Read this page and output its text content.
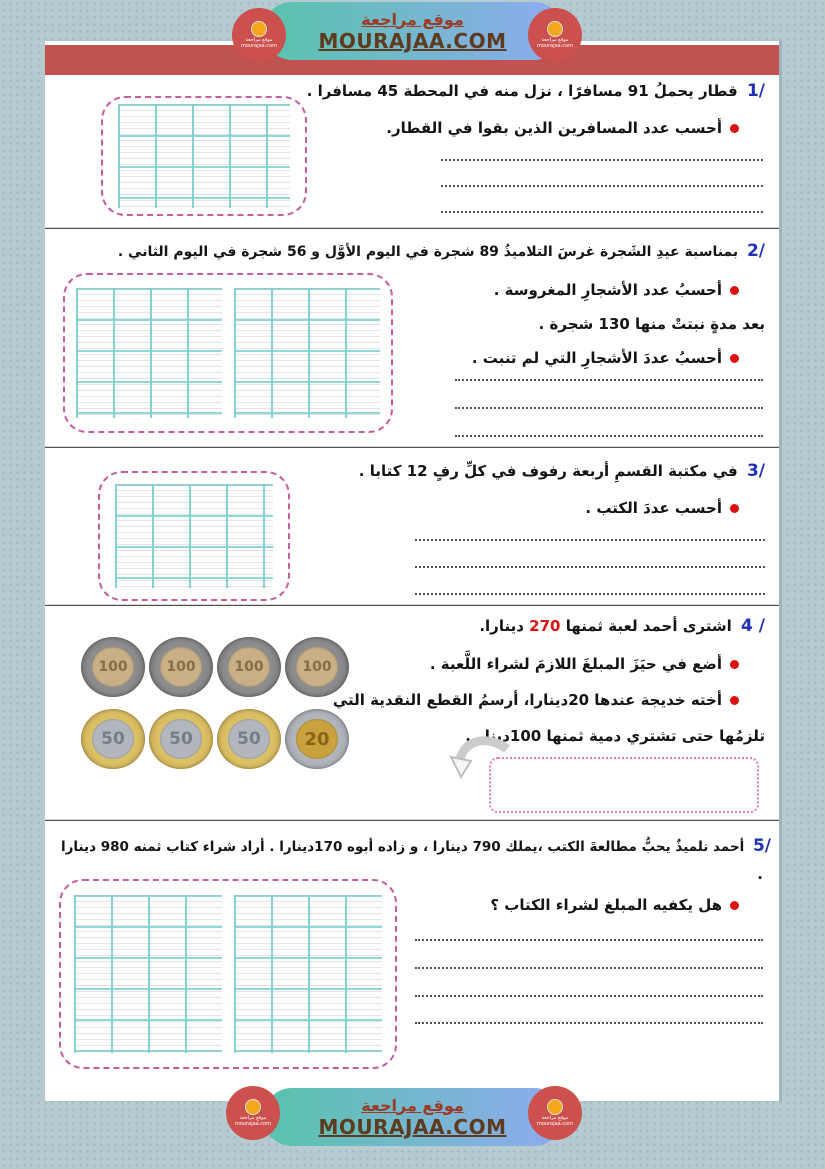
موقع مراجعة
MOURAJAA.COM
موقع مراجعة
mourajaa.com
موقع مراجعة
mourajaa.com
1/ قطار يحملُ 91 مسافرًا ، نزل منه في المحطة 45 مسافرا .
أحسب عدد المسافرين الذين بقوا في القطار.
2/ بمناسبة عيدِ الشَجرة غرسَ التلاميذُ 89 شجرة في اليوم الأوَّل و 56 شجرة في اليوم الثاني .
أحسبُ عدد الأشجارِ المغروسة .
بعد مدةٍ نبتتْ منها 130 شجرة .
أحسبُ عددَ الأشجارِ التي لم تنبت .
3/ في مكتبة القسمِ أربعة رفوف في كلِّ رفٍ 12 كتابا .
أحسب عددَ الكتب .
4 / اشترى أحمد لعبة ثمنها 270 دينارا.
أضع في حيَزَ المبلغَ اللازمَ لشراء اللَّعبة .
أخته خديجة عندها 20دينارا، أرسمُ القطع النقدية التي
تلزمُها حتى تشتري دمية ثمنها 100دينار .
100	100	100	100
50	50	50	20
5/ أحمد تلميذٌ يحبُّ مطالعةَ الكتب ،يملك 790 دينارا ، و زاده أبوه 170دينارا . أراد شراء كتاب ثمنه 980 دينارا
.
هل يكفيه المبلغ لشراء الكتاب ؟
موقع مراجعة
MOURAJAA.COM
موقع مراجعة
mourajaa.com
موقع مراجعة
mourajaa.com
